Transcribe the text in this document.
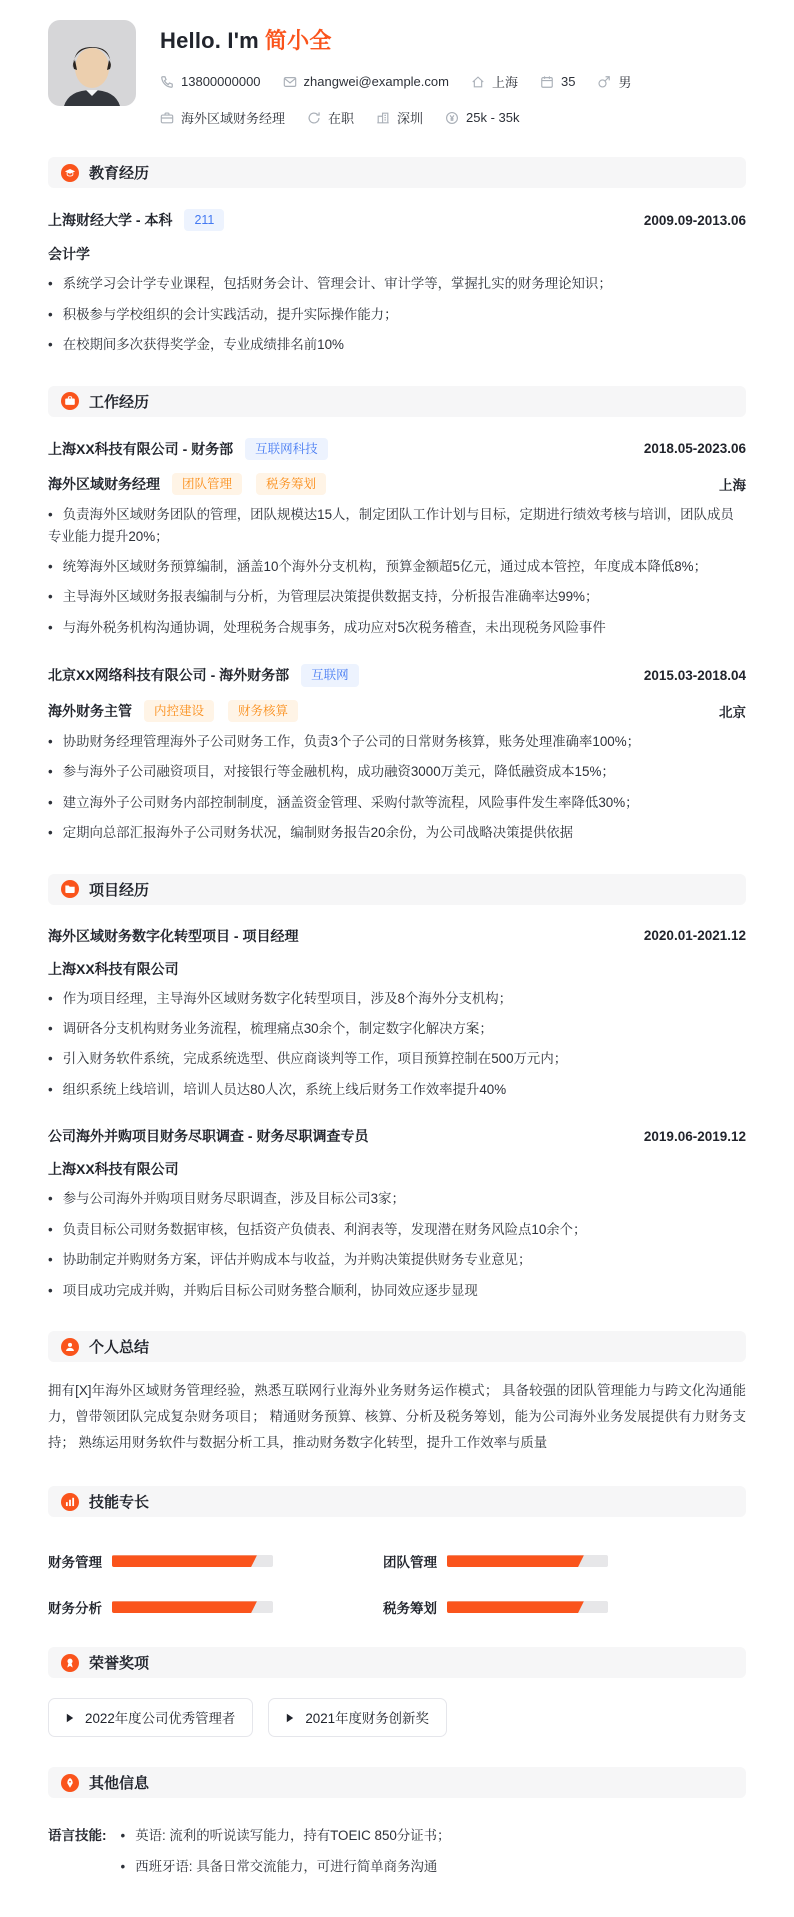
Hello. I'm 简小全
13800000000	zhangwei@example.com	上海	35	男
海外区域财务经理	在职	深圳	25k - 35k
教育经历
上海财经大学 - 本科	211	2009.09-2013.06
会计学
• 系统学习会计学专业课程，包括财务会计、管理会计、审计学等，掌握扎实的财务理论知识；
• 积极参与学校组织的会计实践活动，提升实际操作能力；
• 在校期间多次获得奖学金，专业成绩排名前10%
工作经历
上海XX科技有限公司 - 财务部	互联网科技	2018.05-2023.06
海外区域财务经理	团队管理	税务筹划	上海
• 负责海外区域财务团队的管理，团队规模达15人，制定团队工作计划与目标，定期进行绩效考核与培训，团队成员专业能力提升20%；
• 统筹海外区域财务预算编制，涵盖10个海外分支机构，预算金额超5亿元，通过成本管控，年度成本降低8%；
• 主导海外区域财务报表编制与分析，为管理层决策提供数据支持，分析报告准确率达99%；
• 与海外税务机构沟通协调，处理税务合规事务，成功应对5次税务稽查，未出现税务风险事件
北京XX网络科技有限公司 - 海外财务部	互联网	2015.03-2018.04
海外财务主管	内控建设	财务核算	北京
• 协助财务经理管理海外子公司财务工作，负责3个子公司的日常财务核算，账务处理准确率100%；
• 参与海外子公司融资项目，对接银行等金融机构，成功融资3000万美元，降低融资成本15%；
• 建立海外子公司财务内部控制制度，涵盖资金管理、采购付款等流程，风险事件发生率降低30%；
• 定期向总部汇报海外子公司财务状况，编制财务报告20余份，为公司战略决策提供依据
项目经历
海外区域财务数字化转型项目 - 项目经理	2020.01-2021.12
上海XX科技有限公司
• 作为项目经理，主导海外区域财务数字化转型项目，涉及8个海外分支机构；
• 调研各分支机构财务业务流程，梳理痛点30余个，制定数字化解决方案；
• 引入财务软件系统，完成系统选型、供应商谈判等工作，项目预算控制在500万元内；
• 组织系统上线培训，培训人员达80人次，系统上线后财务工作效率提升40%
公司海外并购项目财务尽职调查 - 财务尽职调查专员	2019.06-2019.12
上海XX科技有限公司
• 参与公司海外并购项目财务尽职调查，涉及目标公司3家；
• 负责目标公司财务数据审核，包括资产负债表、利润表等，发现潜在财务风险点10余个；
• 协助制定并购财务方案，评估并购成本与收益，为并购决策提供财务专业意见；
• 项目成功完成并购，并购后目标公司财务整合顺利，协同效应逐步显现
个人总结
拥有[X]年海外区域财务管理经验，熟悉互联网行业海外业务财务运作模式； 具备较强的团队管理能力与跨文化沟通能力，曾带领团队完成复杂财务项目； 精通财务预算、核算、分析及税务筹划，能为公司海外业务发展提供有力财务支持； 熟练运用财务软件与数据分析工具，推动财务数字化转型，提升工作效率与质量
技能专长
财务管理	团队管理
财务分析	税务筹划
荣誉奖项
2022年度公司优秀管理者	2021年度财务创新奖
其他信息
语言技能:	• 英语: 流利的听说读写能力，持有TOEIC 850分证书；
• 西班牙语: 具备日常交流能力，可进行简单商务沟通
